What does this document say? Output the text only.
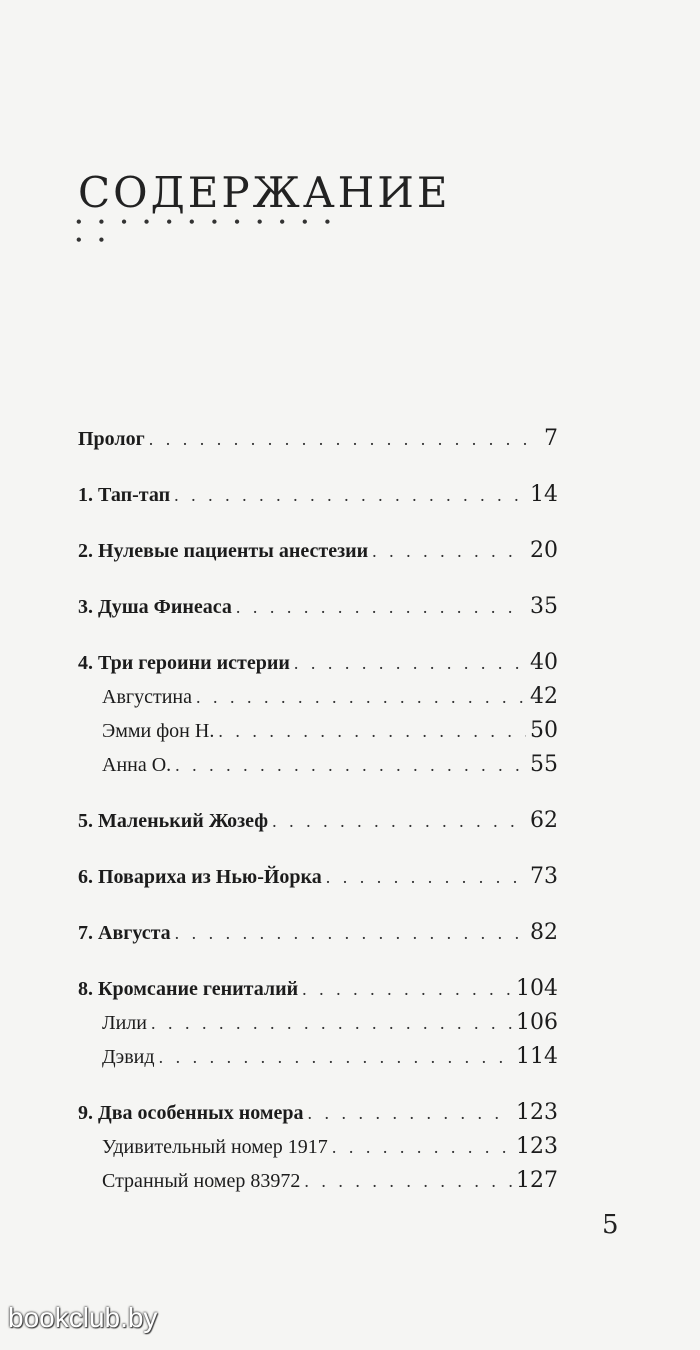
СОДЕРЖАНИЕ
• • • • • • • • • • • • • •
Пролог . . .	7
1. Тап-тап . . .	14
2. Нулевые пациенты анестезии . . .	20
3. Душа Финеаса . . .	35
4. Три героини истерии . . .	40
Августина . . .	42
Эмми фон Н. . . .	50
Анна О. . . .	55
5. Маленький Жозеф . . .	62
6. Повариха из Нью-Йорка . . .	73
7. Августа . . .	82
8. Кромсание гениталий . . .	104
Лили . . .	106
Дэвид . . .	114
9. Два особенных номера . . .	123
Удивительный номер 1917 . . .	123
Странный номер 83972 . . .	127
5
bookclub.by
